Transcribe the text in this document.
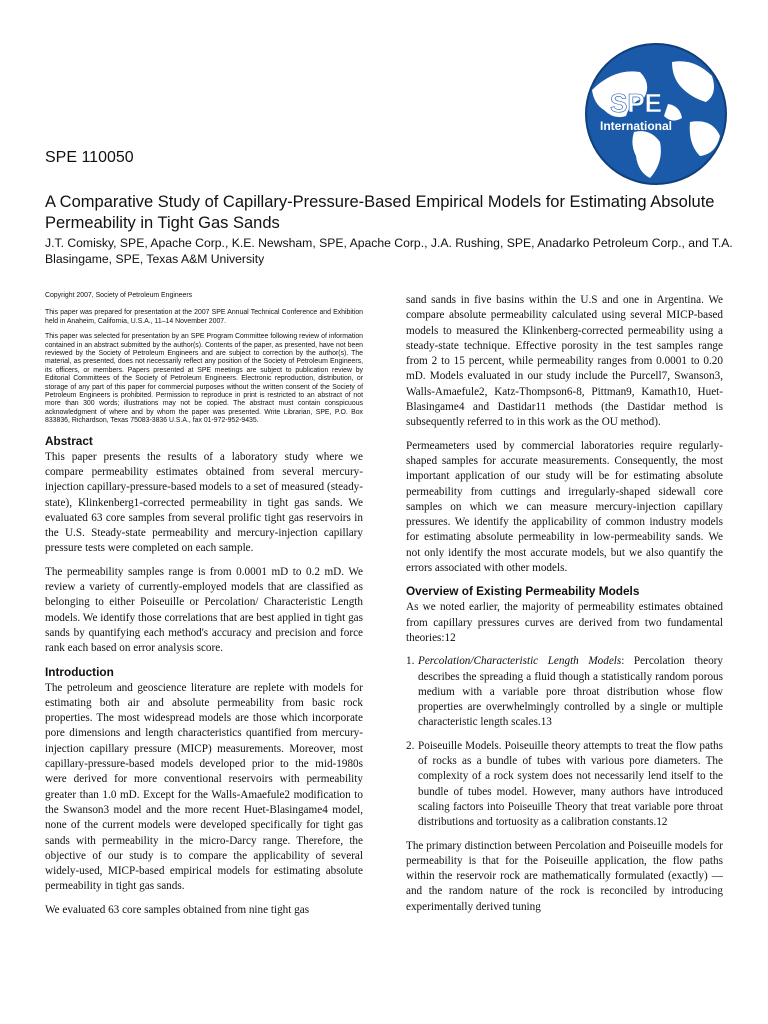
SPE
International
SPE 110050
A Comparative Study of Capillary-Pressure-Based Empirical Models for Estimating Absolute Permeability in Tight Gas Sands
J.T. Comisky, SPE, Apache Corp., K.E. Newsham, SPE, Apache Corp., J.A. Rushing, SPE, Anadarko Petroleum Corp., and T.A. Blasingame, SPE, Texas A&M University

Copyright 2007, Society of Petroleum Engineers

This paper was prepared for presentation at the 2007 SPE Annual Technical Conference and Exhibition held in Anaheim, California, U.S.A., 11–14 November 2007.

This paper was selected for presentation by an SPE Program Committee following review of information contained in an abstract submitted by the author(s). Contents of the paper, as presented, have not been reviewed by the Society of Petroleum Engineers and are subject to correction by the author(s). The material, as presented, does not necessarily reflect any position of the Society of Petroleum Engineers, its officers, or members. Papers presented at SPE meetings are subject to publication review by Editorial Committees of the Society of Petroleum Engineers. Electronic reproduction, distribution, or storage of any part of this paper for commercial purposes without the written consent of the Society of Petroleum Engineers is prohibited. Permission to reproduce in print is restricted to an abstract of not more than 300 words; illustrations may not be copied. The abstract must contain conspicuous acknowledgment of where and by whom the paper was presented. Write Librarian, SPE, P.O. Box 833836, Richardson, Texas 75083-3836 U.S.A., fax 01-972-952-9435.

Abstract

This paper presents the results of a laboratory study where we compare permeability estimates obtained from several mercury-injection capillary-pressure-based models to a set of measured (steady-state), Klinkenberg1-corrected permeability in tight gas sands. We evaluated 63 core samples from several prolific tight gas reservoirs in the U.S. Steady-state permeability and mercury-injection capillary pressure tests were completed on each sample.

The permeability samples range is from 0.0001 mD to 0.2 mD. We review a variety of currently-employed models that are classified as belonging to either Poiseuille or Percolation/ Characteristic Length models. We identify those correlations that are best applied in tight gas sands by quantifying each method's accuracy and precision and force rank each based on error analysis score.

Introduction

The petroleum and geoscience literature are replete with models for estimating both air and absolute permeability from basic rock properties. The most widespread models are those which incorporate pore dimensions and length characteristics quantified from mercury-injection capillary pressure (MICP) measurements. Moreover, most capillary-pressure-based models developed prior to the mid-1980s were derived for more conventional reservoirs with permeability greater than 1.0 mD. Except for the Walls-Amaefule2 modification to the Swanson3 model and the more recent Huet-Blasingame4 model, none of the current models were developed specifically for tight gas sands with permeability in the micro-Darcy range. Therefore, the objective of our study is to compare the applicability of several widely-used, MICP-based empirical models for estimating absolute permeability in tight gas sands.

We evaluated 63 core samples obtained from nine tight gas

sand sands in five basins within the U.S and one in Argentina. We compare absolute permeability calculated using several MICP-based models to measured the Klinkenberg-corrected permeability using a steady-state technique. Effective porosity in the test samples range from 2 to 15 percent, while permeability ranges from 0.0001 to 0.20 mD. Models evaluated in our study include the Purcell7, Swanson3, Walls-Amaefule2, Katz-Thompson6-8, Pittman9, Kamath10, Huet-Blasingame4 and Dastidar11 methods (the Dastidar method is subsequently referred to in this work as the OU method).

Permeameters used by commercial laboratories require regularly-shaped samples for accurate measurements. Consequently, the most important application of our study will be for estimating absolute permeability from cuttings and irregularly-shaped sidewall core samples on which we can measure mercury-injection capillary pressures. We identify the applicability of common industry models for estimating absolute permeability in low-permeability sands. We not only identify the most accurate models, but we also quantify the errors associated with other models.

Overview of Existing Permeability Models

As we noted earlier, the majority of permeability estimates obtained from capillary pressures curves are derived from two fundamental theories:12

1. Percolation/Characteristic Length Models: Percolation theory describes the spreading a fluid though a statistically random porous medium with a variable pore throat distribution whose flow properties are overwhelmingly controlled by a single or multiple characteristic length scales.13
2. Poiseuille Models. Poiseuille theory attempts to treat the flow paths of rocks as a bundle of tubes with various pore diameters. The complexity of a rock system does not necessarily lend itself to the bundle of tubes model. However, many authors have introduced scaling factors into Poiseuille Theory that treat variable pore throat distributions and tortuosity as a calibration constants.12

The primary distinction between Percolation and Poiseuille models for permeability is that for the Poiseuille application, the flow paths within the reservoir rock are mathematically formulated (exactly) — and the random nature of the rock is reconciled by introducing experimentally derived tuning
